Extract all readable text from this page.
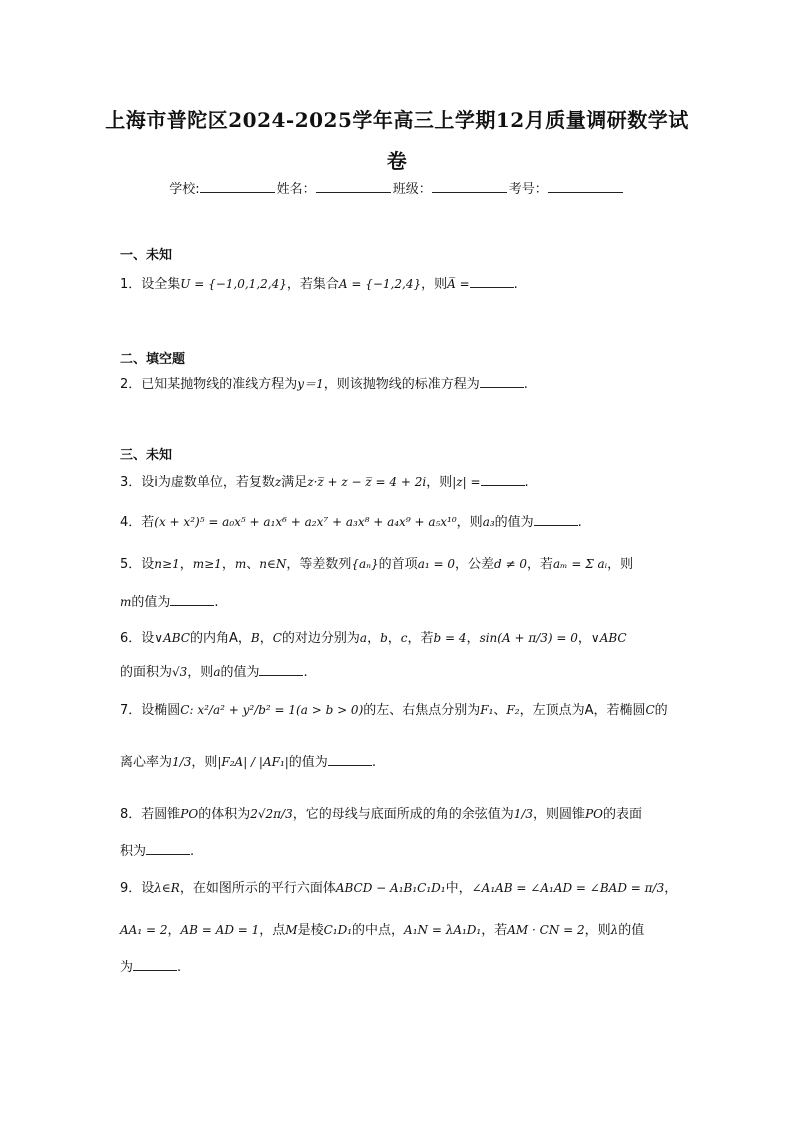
上海市普陀区2024-2025学年高三上学期12月质量调研数学试
卷
学校:	姓名：	班级：	考号：
一、未知
1．设全集U = {−1,0,1,2,4}，若集合A = {−1,2,4}，则A̅ =	.
二、填空题
2．已知某抛物线的准线方程为y＝1，则该抛物线的标准方程为	.
三、未知
3．设i为虚数单位，若复数z满足z·z̅ + z − z̅ = 4 + 2i，则|z| =	.
4．若(x + x²)⁵ = a₀x⁵ + a₁x⁶ + a₂x⁷ + a₃x⁸ + a₄x⁹ + a₅x¹⁰，则a₃的值为	.
5．设n≥1，m≥1，m、n∈N，等差数列{aₙ}的首项a₁ = 0，公差d ≠ 0，若aₘ = Σ aᵢ，则
m的值为	.
6．设∨ABC的内角A，B，C的对边分别为a，b，c，若b = 4，sin(A + π/3) = 0，∨ABC
的面积为√3，则a的值为	.
7．设椭圆C: x²/a² + y²/b² = 1(a > b > 0)的左、右焦点分别为F₁、F₂，左顶点为A，若椭圆C的
离心率为1/3，则|F₂A| / |AF₁|的值为	.
8．若圆锥PO的体积为2√2π/3，它的母线与底面所成的角的余弦值为1/3，则圆锥PO的表面
积为	.
9．设λ∈R，在如图所示的平行六面体ABCD − A₁B₁C₁D₁中，∠A₁AB = ∠A₁AD = ∠BAD = π/3，
AA₁ = 2，AB = AD = 1，点M是棱C₁D₁的中点，A₁N = λA₁D₁，若AM · CN = 2，则λ的值
为	.
